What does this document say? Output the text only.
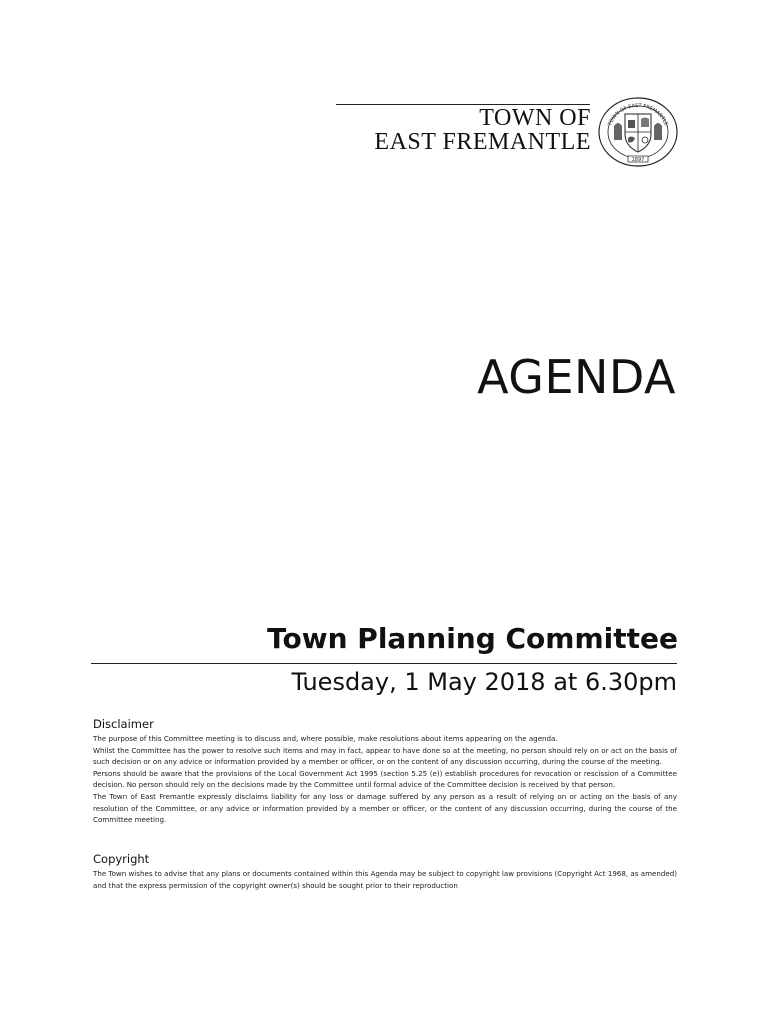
TOWN OF
EAST FREMANTLE
TOWN OF EAST FREMANTLE
1897
AGENDA
Town Planning Committee
Tuesday, 1 May 2018 at 6.30pm
Disclaimer

The purpose of this Committee meeting is to discuss and, where possible, make resolutions about items appearing on the agenda.

Whilst the Committee has the power to resolve such items and may in fact, appear to have done so at the meeting, no person should rely on or act on the basis of such decision or on any advice or information provided by a member or officer, or on the content of any discussion occurring, during the course of the meeting.

Persons should be aware that the provisions of the Local Government Act 1995 (section 5.25 (e)) establish procedures for revocation or rescission of a Committee decision. No person should rely on the decisions made by the Committee until formal advice of the Committee decision is received by that person.

The Town of East Fremantle expressly disclaims liability for any loss or damage suffered by any person as a result of relying on or acting on the basis of any resolution of the Committee, or any advice or information provided by a member or officer, or the content of any discussion occurring, during the course of the Committee meeting.

Copyright

The Town wishes to advise that any plans or documents contained within this Agenda may be subject to copyright law provisions (Copyright Act 1968, as amended) and that the express permission of the copyright owner(s) should be sought prior to their reproduction
